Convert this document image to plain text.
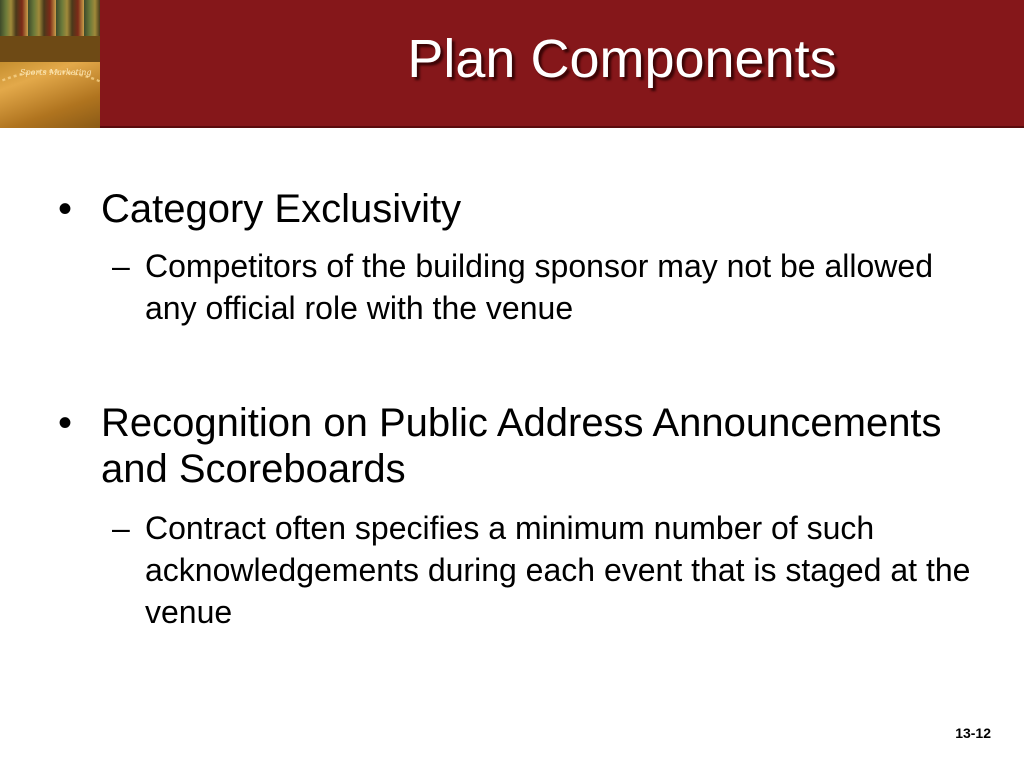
Sports Marketing	Plan Components
• Category Exclusivity
– Competitors of the building sponsor may not be allowed any official role with the venue
• Recognition on Public Address Announcements and Scoreboards
– Contract often specifies a minimum number of such acknowledgements during each event that is staged at the venue
13-12
